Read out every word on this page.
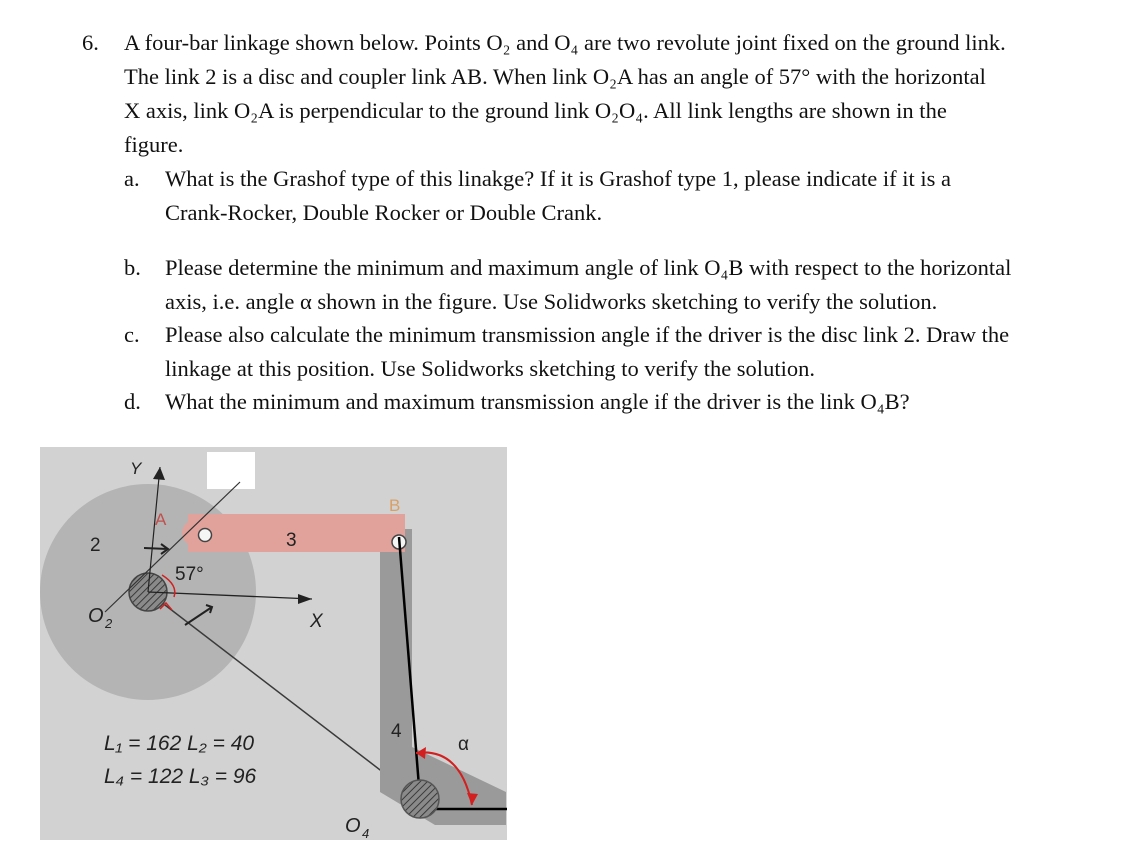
6. A four-bar linkage shown below. Points O₂ and O₄ are two revolute joint fixed on the ground link.
The link 2 is a disc and coupler link AB. When link O₂A has an angle of 57° with the horizontal
X axis, link O₂A is perpendicular to the ground link O₂O₄. All link lengths are shown in the
figure.
a. What is the Grashof type of this linakge? If it is Grashof type 1, please indicate if it is a
Crank-Rocker, Double Rocker or Double Crank.
b. Please determine the minimum and maximum angle of link O₄B with respect to the horizontal
axis, i.e. angle α shown in the figure. Use Solidworks sketching to verify the solution.
c. Please also calculate the minimum transmission angle if the driver is the disc link 2. Draw the
linkage at this position. Use Solidworks sketching to verify the solution.
d. What the minimum and maximum transmission angle if the driver is the link O₄B?
Y
X
A
B
2	3
4
57°
O 2
O 4
α
L₁ = 162 L₂ = 40
L₄ = 122 L₃ = 96
